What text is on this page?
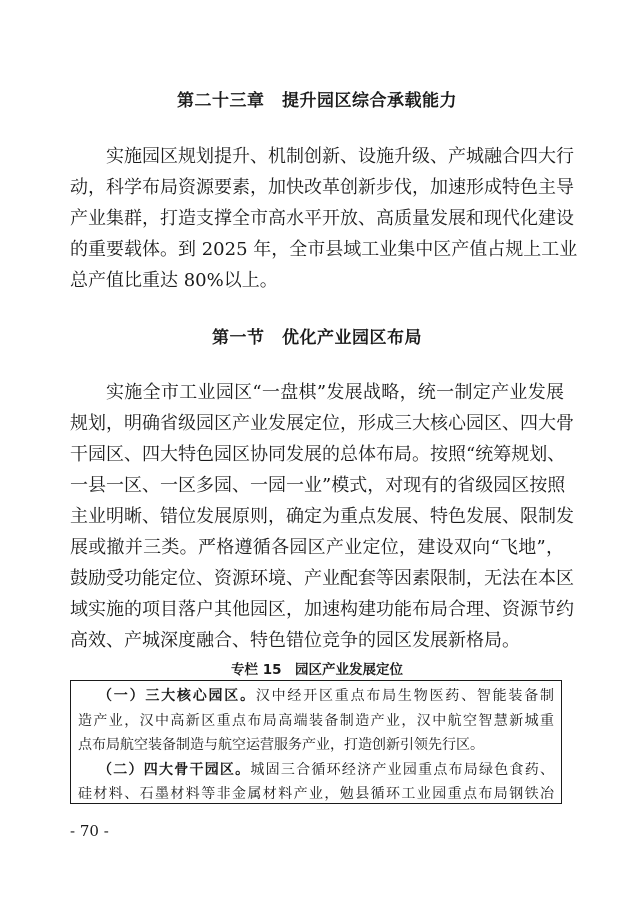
第二十三章　提升园区综合承载能力
实施园区规划提升、机制创新、设施升级、产城融合四大行
动，科学布局资源要素，加快改革创新步伐，加速形成特色主导
产业集群，打造支撑全市高水平开放、高质量发展和现代化建设
的重要载体。到 2025 年，全市县域工业集中区产值占规上工业
总产值比重达 80%以上。
第一节　优化产业园区布局
实施全市工业园区“一盘棋”发展战略，统一制定产业发展
规划，明确省级园区产业发展定位，形成三大核心园区、四大骨
干园区、四大特色园区协同发展的总体布局。按照“统筹规划、
一县一区、一区多园、一园一业”模式，对现有的省级园区按照
主业明晰、错位发展原则，确定为重点发展、特色发展、限制发
展或撤并三类。严格遵循各园区产业定位，建设双向“飞地”，
鼓励受功能定位、资源环境、产业配套等因素限制，无法在本区
域实施的项目落户其他园区，加速构建功能布局合理、资源节约
高效、产城深度融合、特色错位竞争的园区发展新格局。
专栏 15　园区产业发展定位
（一）三大核心园区。汉中经开区重点布局生物医药、智能装备制
造产业，汉中高新区重点布局高端装备制造产业，汉中航空智慧新城重
点布局航空装备制造与航空运营服务产业，打造创新引领先行区。
（二）四大骨干园区。城固三合循环经济产业园重点布局绿色食药、
硅材料、石墨材料等非金属材料产业，勉县循环工业园重点布局钢铁冶
- 70 -
